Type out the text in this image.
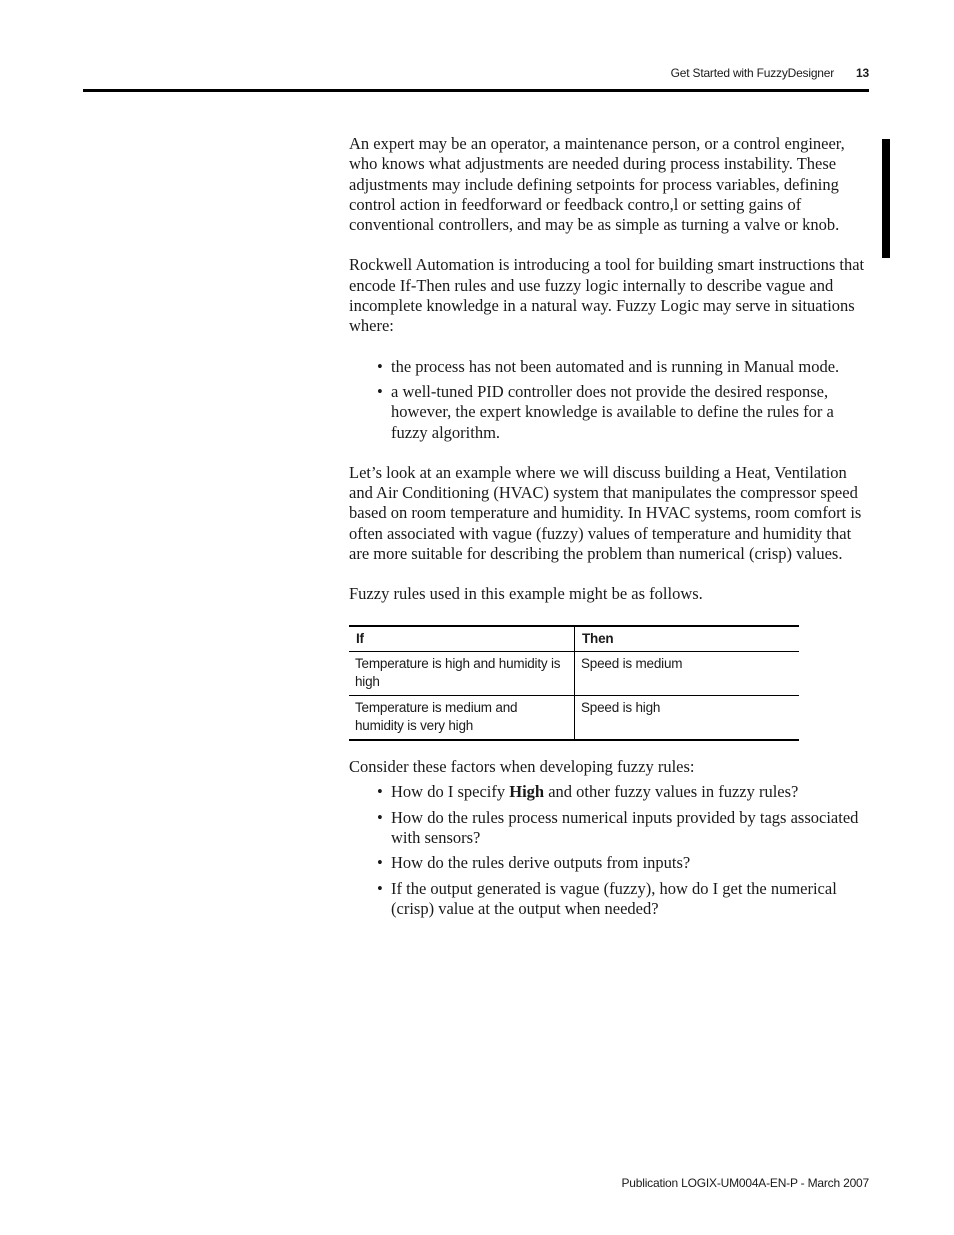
Get Started with FuzzyDesigner 13

An expert may be an operator, a maintenance person, or a control engineer, who knows what adjustments are needed during process instability. These adjustments may include defining setpoints for process variables, defining control action in feedforward or feedback contro,l or setting gains of conventional controllers, and may be as simple as turning a valve or knob.

Rockwell Automation is introducing a tool for building smart instructions that encode If-Then rules and use fuzzy logic internally to describe vague and incomplete knowledge in a natural way. Fuzzy Logic may serve in situations where:

• the process has not been automated and is running in Manual mode.
• a well-tuned PID controller does not provide the desired response, however, the expert knowledge is available to define the rules for a fuzzy algorithm.

Let’s look at an example where we will discuss building a Heat, Ventilation and Air Conditioning (HVAC) system that manipulates the compressor speed based on room temperature and humidity. In HVAC systems, room comfort is often associated with vague (fuzzy) values of temperature and humidity that are more suitable for describing the problem than numerical (crisp) values.

Fuzzy rules used in this example might be as follows.

If	Then
Temperature is high and humidity is high	Speed is medium
Temperature is medium and humidity is very high	Speed is high

Consider these factors when developing fuzzy rules:

• How do I specify High and other fuzzy values in fuzzy rules?
• How do the rules process numerical inputs provided by tags associated with sensors?
• How do the rules derive outputs from inputs?
• If the output generated is vague (fuzzy), how do I get the numerical (crisp) value at the output when needed?
Publication LOGIX-UM004A-EN-P - March 2007
